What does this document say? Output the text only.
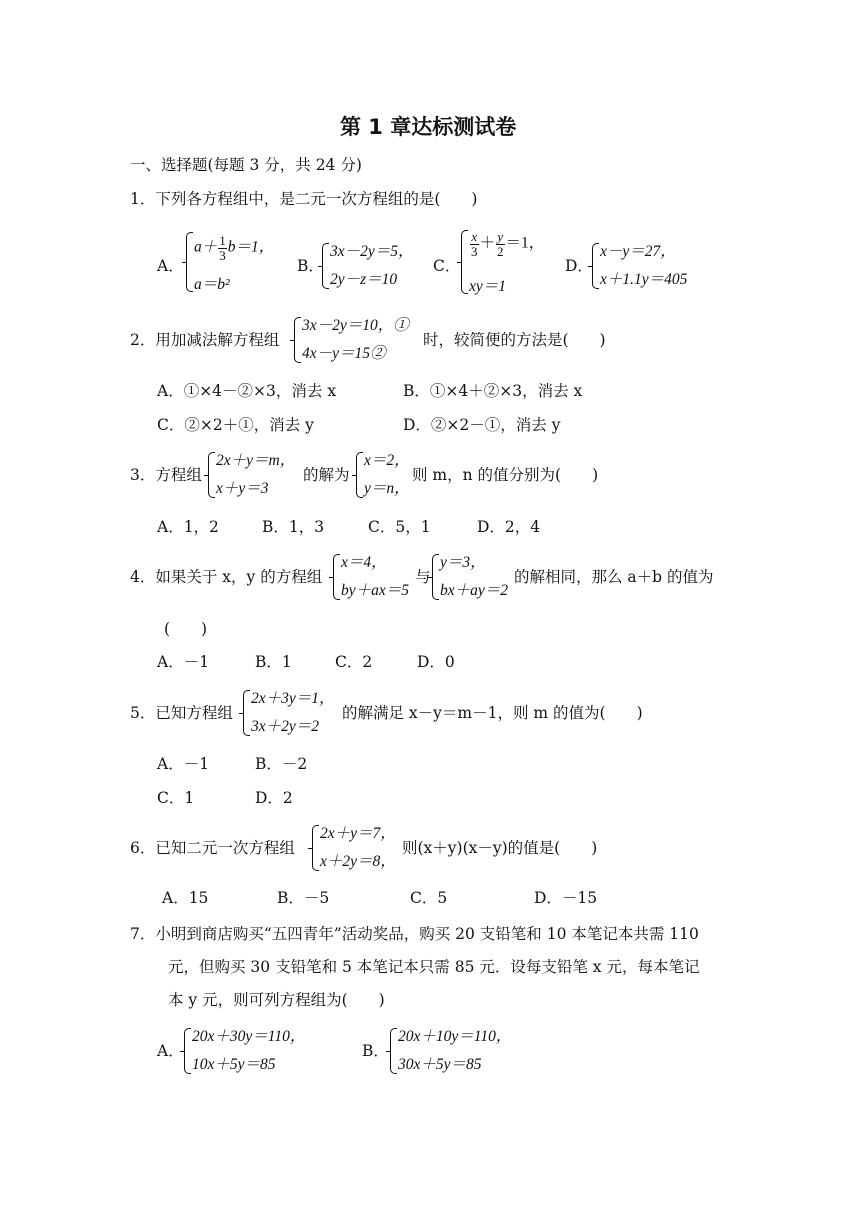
第 1 章达标测试卷
一、选择题(每题 3 分，共 24 分)
1．下列各方程组中，是二元一次方程组的是(　　)
A．
$a+ \frac{1}{3} b=1$，
a＝b²
B．
3x－2y＝5，
2y－z＝10
C．
$\frac{x}{3} + \frac{y}{2} =1$，
xy＝1
D．
x－y＝27，
x＋1.1y＝405
2．用加减法解方程组
3x－2y＝10，①
4x－y＝15②
时，较简便的方法是(　　)
A．①×4－②×3，消去 x	B．①×4＋②×3，消去 x
C．②×2＋①，消去 y	D．②×2－①，消去 y
3．方程组
2x＋y＝m，
x＋y＝3
的解为
x＝2，
y＝n，
则 m，n 的值分别为(　　)
A．1，2	B．1，3	C．5，1	D．2，4
4．如果关于 x，y 的方程组
x＝4，
by＋ax＝5
与
y＝3，
bx＋ay＝2
的解相同，那么 a＋b 的值为
(　　)
A．－1	B．1	C．2	D．0
5．已知方程组
2x＋3y＝1，
3x＋2y＝2
的解满足 x－y＝m－1，则 m 的值为(　　)
A．－1	B．－2
C．1	D．2
6．已知二元一次方程组
2x＋y＝7，
x＋2y＝8，
则(x＋y)(x－y)的值是(　　)
A．15	B．－5	C．5	D．－15
7．小明到商店购买“五四青年”活动奖品，购买 20 支铅笔和 10 本笔记本共需 110
元，但购买 30 支铅笔和 5 本笔记本只需 85 元．设每支铅笔 x 元，每本笔记
本 y 元，则可列方程组为(　　)
A．
20x＋30y＝110，
10x＋5y＝85
B．
20x＋10y＝110，
30x＋5y＝85
